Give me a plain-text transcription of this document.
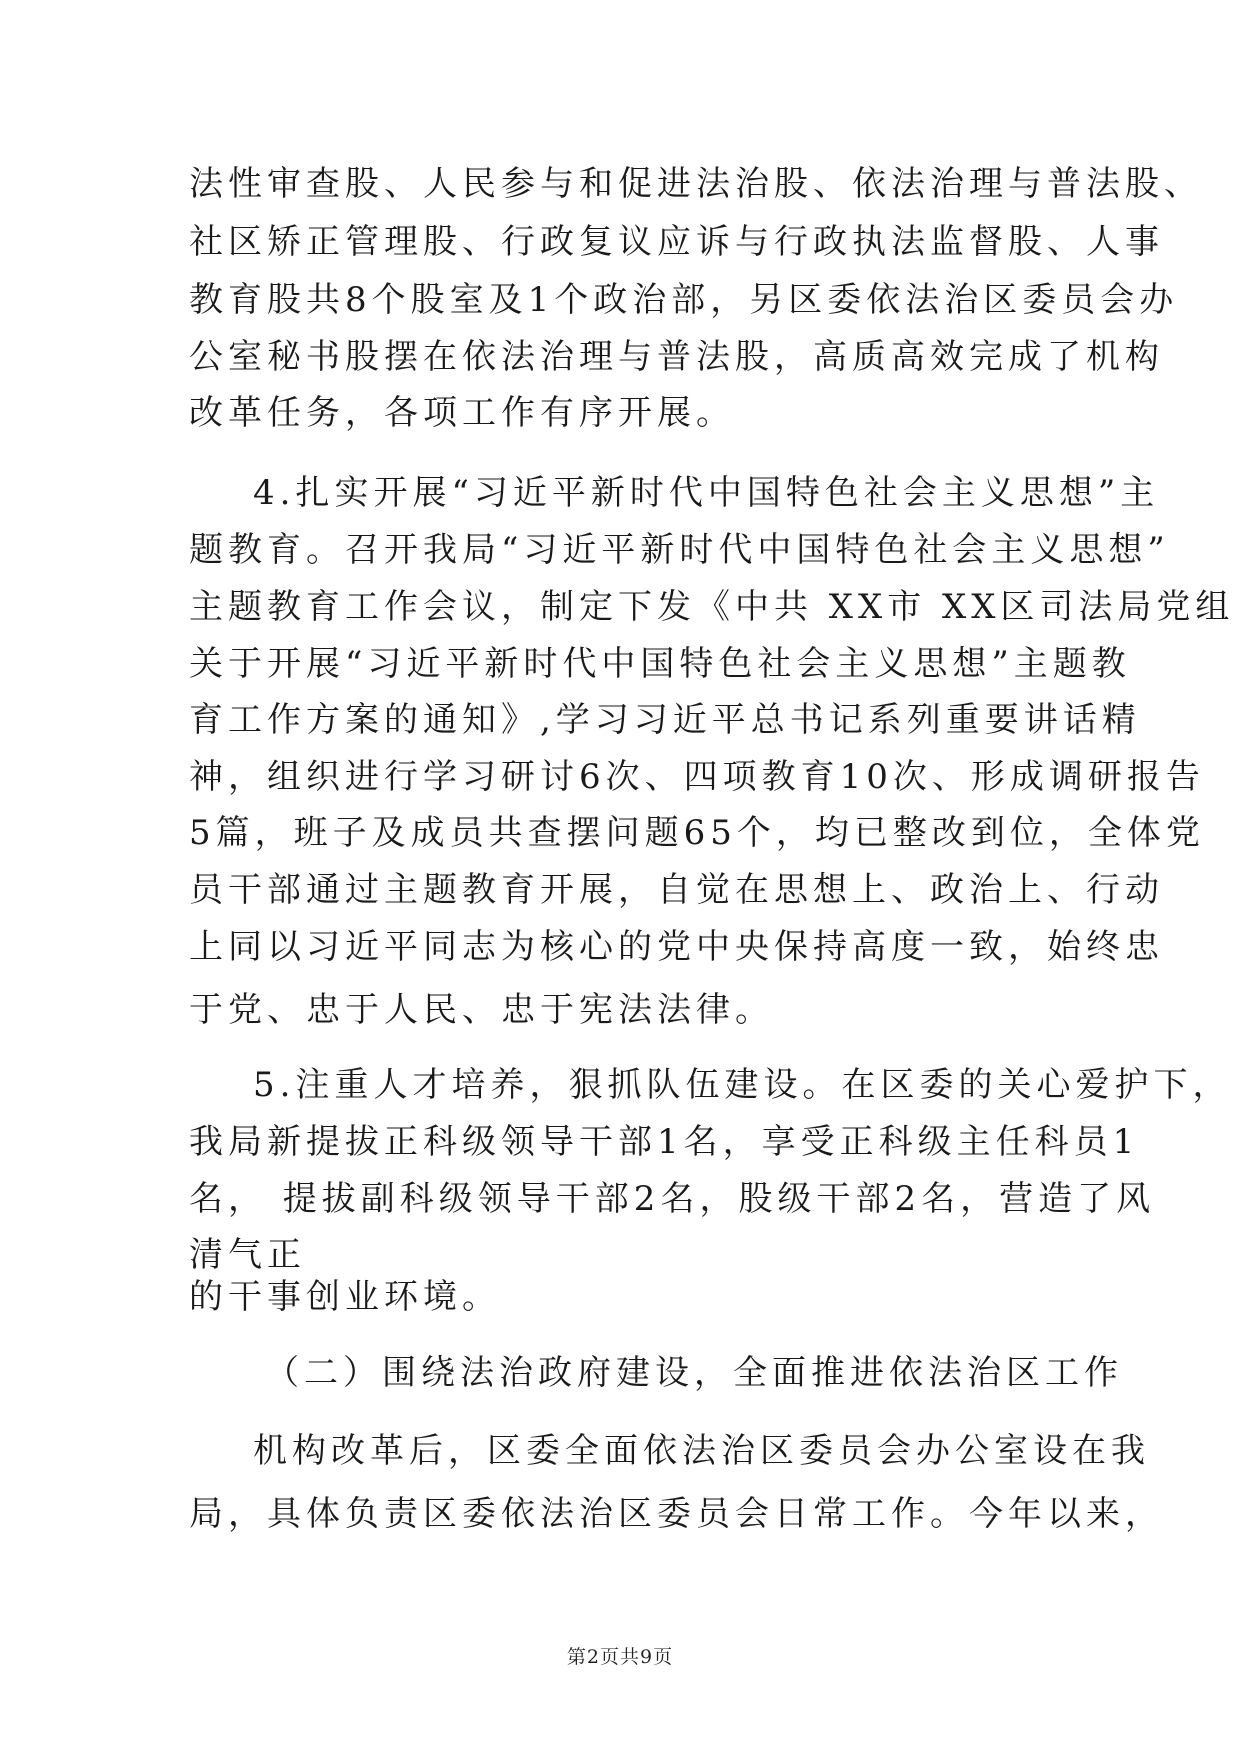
法性审查股、人民参与和促进法治股、依法治理与普法股、
社区矫正管理股、行政复议应诉与行政执法监督股、人事
教育股共8个股室及1个政治部，另区委依法治区委员会办
公室秘书股摆在依法治理与普法股，高质高效完成了机构
改革任务，各项工作有序开展。
4.扎实开展“习近平新时代中国特色社会主义思想”主
题教育。召开我局“习近平新时代中国特色社会主义思想”
主题教育工作会议，制定下发《中共 XX市 XX区司法局党组
关于开展“习近平新时代中国特色社会主义思想”主题教
育工作方案的通知》,学习习近平总书记系列重要讲话精
神，组织进行学习研讨6次、四项教育10次、形成调研报告
5篇，班子及成员共查摆问题65个，均已整改到位，全体党
员干部通过主题教育开展，自觉在思想上、政治上、行动
上同以习近平同志为核心的党中央保持高度一致，始终忠
于党、忠于人民、忠于宪法法律。
5.注重人才培养，狠抓队伍建设。在区委的关心爱护下，
我局新提拔正科级领导干部1名，享受正科级主任科员1
名， 提拔副科级领导干部2名，股级干部2名，营造了风
清气正
的干事创业环境。
（二）围绕法治政府建设，全面推进依法治区工作
机构改革后，区委全面依法治区委员会办公室设在我
局，具体负责区委依法治区委员会日常工作。今年以来，
第2页共9页
